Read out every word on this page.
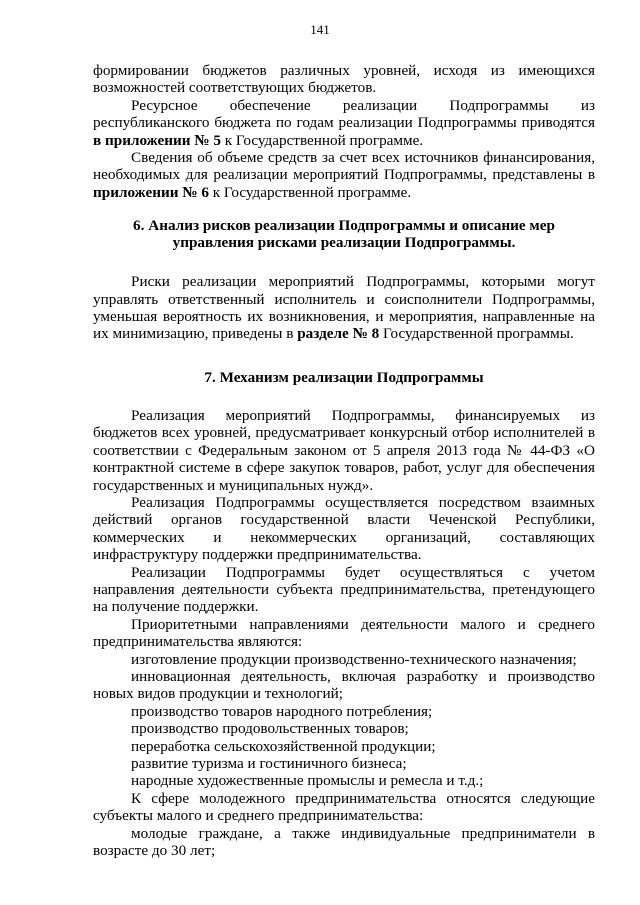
141

формировании бюджетов различных уровней, исходя из имеющихся возможностей соответствующих бюджетов.

Ресурсное обеспечение реализации Подпрограммы из республиканского бюджета по годам реализации Подпрограммы приводятся в приложении № 5 к Государственной программе.

Сведения об объеме средств за счет всех источников финансирования, необходимых для реализации мероприятий Подпрограммы, представлены в приложении № 6 к Государственной программе.

6. Анализ рисков реализации Подпрограммы и описание мер управления рисками реализации Подпрограммы.

Риски реализации мероприятий Подпрограммы, которыми могут управлять ответственный исполнитель и соисполнители Подпрограммы, уменьшая вероятность их возникновения, и мероприятия, направленные на их минимизацию, приведены в разделе № 8 Государственной программы.

7. Механизм реализации Подпрограммы

Реализация мероприятий Подпрограммы, финансируемых из бюджетов всех уровней, предусматривает конкурсный отбор исполнителей в соответствии с Федеральным законом от 5 апреля 2013 года № 44-ФЗ «О контрактной системе в сфере закупок товаров, работ, услуг для обеспечения государственных и муниципальных нужд».

Реализация Подпрограммы осуществляется посредством взаимных действий органов государственной власти Чеченской Республики, коммерческих и некоммерческих организаций, составляющих инфраструктуру поддержки предпринимательства.

Реализации Подпрограммы будет осуществляться с учетом направления деятельности субъекта предпринимательства, претендующего на получение поддержки.

Приоритетными направлениями деятельности малого и среднего предпринимательства являются:

изготовление продукции производственно-технического назначения;

инновационная деятельность, включая разработку и производство новых видов продукции и технологий;

производство товаров народного потребления;

производство продовольственных товаров;

переработка сельскохозяйственной продукции;

развитие туризма и гостиничного бизнеса;

народные художественные промыслы и ремесла и т.д.;

К сфере молодежного предпринимательства относятся следующие субъекты малого и среднего предпринимательства:

молодые граждане, а также индивидуальные предприниматели в возрасте до 30 лет;
